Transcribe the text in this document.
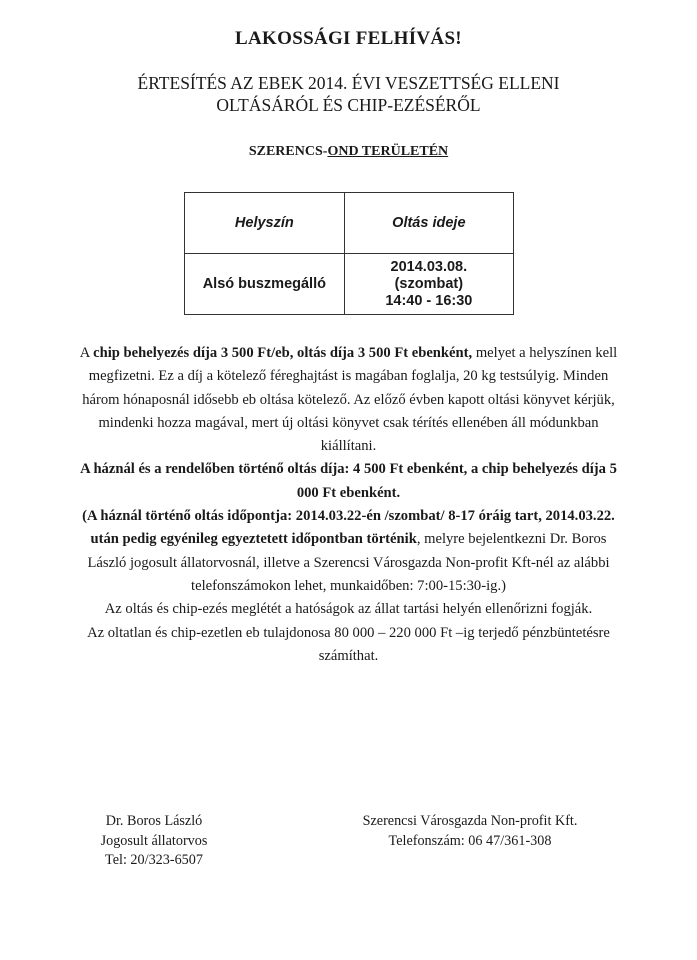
LAKOSSÁGI FELHÍVÁS!
ÉRTESÍTÉS AZ EBEK 2014. ÉVI VESZETTSÉG ELLENI
OLTÁSÁRÓL ÉS CHIP-EZÉSÉRŐL
SZERENCS-OND TERÜLETÉN
Helyszín	Oltás ideje
Alsó buszmegálló	2014.03.08.
(szombat)
14:40 - 16:30

A chip behelyezés díja 3 500 Ft/eb, oltás díja 3 500 Ft ebenként, melyet a helyszínen kell megfizetni. Ez a díj a kötelező féreghajtást is magában foglalja, 20 kg testsúlyig. Minden három hónaposnál idősebb eb oltása kötelező. Az előző évben kapott oltási könyvet kérjük, mindenki hozza magával, mert új oltási könyvet csak térítés ellenében áll módunkban kiállítani.

A háznál és a rendelőben történő oltás díja: 4 500 Ft ebenként, a chip behelyezés díja 5 000 Ft ebenként.

(A háznál történő oltás időpontja: 2014.03.22-én /szombat/ 8-17 óráig tart, 2014.03.22. után pedig egyénileg egyeztetett időpontban történik, melyre bejelentkezni Dr. Boros László jogosult állatorvosnál, illetve a Szerencsi Városgazda Non-profit Kft-nél az alábbi telefonszámokon lehet, munkaidőben: 7:00-15:30-ig.)

Az oltás és chip-ezés meglétét a hatóságok az állat tartási helyén ellenőrizni fogják.

Az oltatlan és chip-ezetlen eb tulajdonosa 80 000 – 220 000 Ft –ig terjedő pénzbüntetésre számíthat.

Dr. Boros László
Jogosult állatorvos
Tel: 20/323-6507
Szerencsi Városgazda Non-profit Kft.
Telefonszám: 06 47/361-308
